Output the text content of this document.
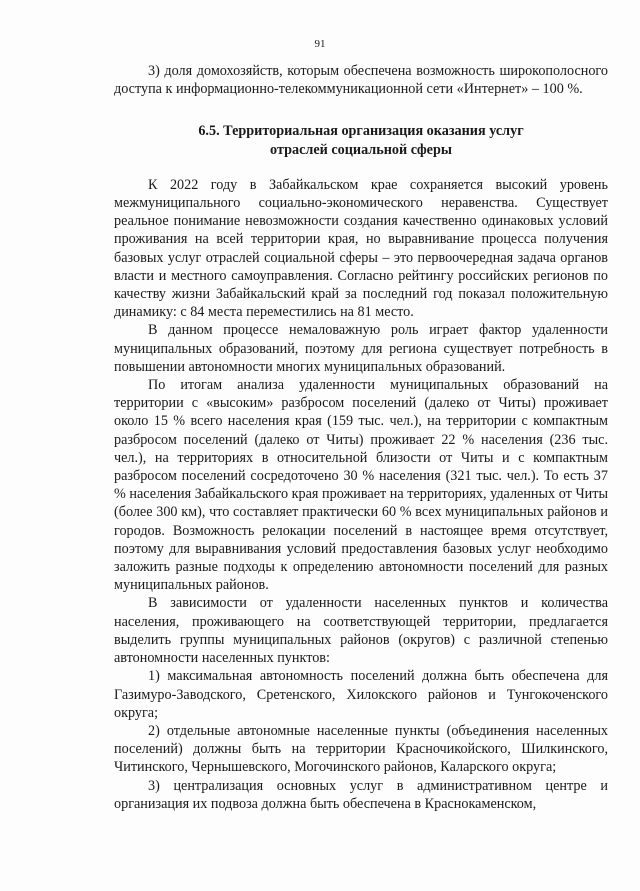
91

3) доля домохозяйств, которым обеспечена возможность широкополосного доступа к информационно-телекоммуникационной сети «Интернет» – 100 %.

6.5. Территориальная организация оказания услуг

отраслей социальной сферы

К 2022 году в Забайкальском крае сохраняется высокий уровень межмуниципального социально-экономического неравенства. Существует реальное понимание невозможности создания качественно одинаковых условий проживания на всей территории края, но выравнивание процесса получения базовых услуг отраслей социальной сферы – это первоочередная задача органов власти и местного самоуправления. Согласно рейтингу российских регионов по качеству жизни Забайкальский край за последний год показал положительную динамику: с 84 места переместились на 81 место.

В данном процессе немаловажную роль играет фактор удаленности муниципальных образований, поэтому для региона существует потребность в повышении автономности многих муниципальных образований.

По итогам анализа удаленности муниципальных образований на территории с «высоким» разбросом поселений (далеко от Читы) проживает около 15 % всего населения края (159 тыс. чел.), на территории с компактным разбросом поселений (далеко от Читы) проживает 22 % населения (236 тыс. чел.), на территориях в относительной близости от Читы и с компактным разбросом поселений сосредоточено 30 % населения (321 тыс. чел.). То есть 37 % населения Забайкальского края проживает на территориях, удаленных от Читы (более 300 км), что составляет практически 60 % всех муниципальных районов и городов. Возможность релокации поселений в настоящее время отсутствует, поэтому для выравнивания условий предоставления базовых услуг необходимо заложить разные подходы к определению автономности поселений для разных муниципальных районов.

В зависимости от удаленности населенных пунктов и количества населения, проживающего на соответствующей территории, предлагается выделить группы муниципальных районов (округов) с различной степенью автономности населенных пунктов:

1) максимальная автономность поселений должна быть обеспечена для Газимуро-Заводского, Сретенского, Хилокского районов и Тунгокоченского округа;

2) отдельные автономные населенные пункты (объединения населенных поселений) должны быть на территории Красночикойского, Шилкинского, Читинского, Чернышевского, Могочинского районов, Каларского округа;

3) централизация основных услуг в административном центре и организация их подвоза должна быть обеспечена в Краснокаменском,
